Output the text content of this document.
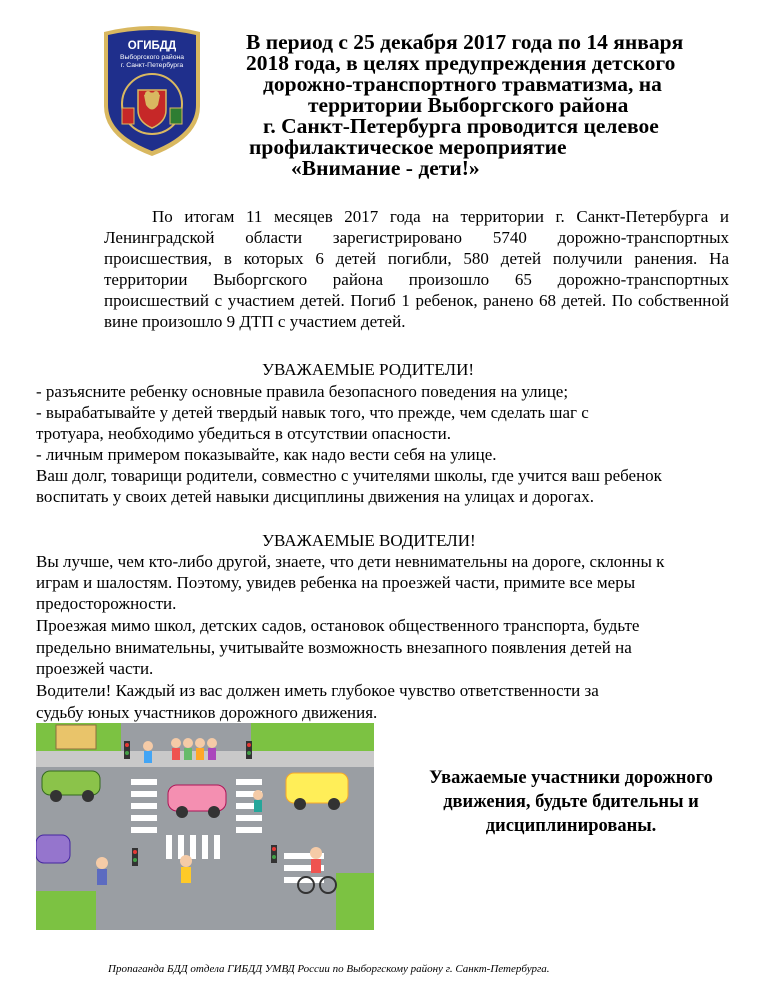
ОГИБДД
Выборгского района
г. Санкт-Петербурга
В период с 25 декабря 2017 года по 14 января
2018 года, в целях предупреждения детского
дорожно-транспортного травматизма, на
территории Выборгского района
г. Санкт-Петербурга проводится целевое
профилактическое мероприятие
«Внимание - дети!»

По итогам 11 месяцев 2017 года на территории г. Санкт-Петербурга и Ленинградской области зарегистрировано 5740 дорожно-транспортных происшествия, в которых 6 детей погибли, 580 детей получили ранения. На территории Выборгского района произошло 65 дорожно-транспортных происшествий с участием детей. Погиб 1 ребенок, ранено 68 детей. По собственной вине произошло 9 ДТП с участием детей.

УВАЖАЕМЫЕ РОДИТЕЛИ!
- разъясните ребенку основные правила безопасного поведения на улице;
- вырабатывайте у детей твердый навык того, что прежде, чем сделать шаг с
тротуара, необходимо убедиться в отсутствии опасности.
- личным примером показывайте, как надо вести себя на улице.
Ваш долг, товарищи родители, совместно с учителями школы, где учится ваш ребенок
воспитать у своих детей навыки дисциплины движения на улицах и дорогах.
УВАЖАЕМЫЕ ВОДИТЕЛИ!
Вы лучше, чем кто-либо другой, знаете, что дети невнимательны на дороге, склонны к
играм и шалостям. Поэтому, увидев ребенка на проезжей части, примите все меры
предосторожности.
Проезжая мимо школ, детских садов, остановок общественного транспорта, будьте
предельно внимательны, учитывайте возможность внезапного появления детей на
проезжей части.
Водители! Каждый из вас должен иметь глубокое чувство ответственности за
судьбу юных участников дорожного движения.
Уважаемые участники дорожного
движения, будьте бдительны и
дисциплинированы.
Пропаганда БДД отдела ГИБДД УМВД России по Выборгскому району г. Санкт-Петербурга.
